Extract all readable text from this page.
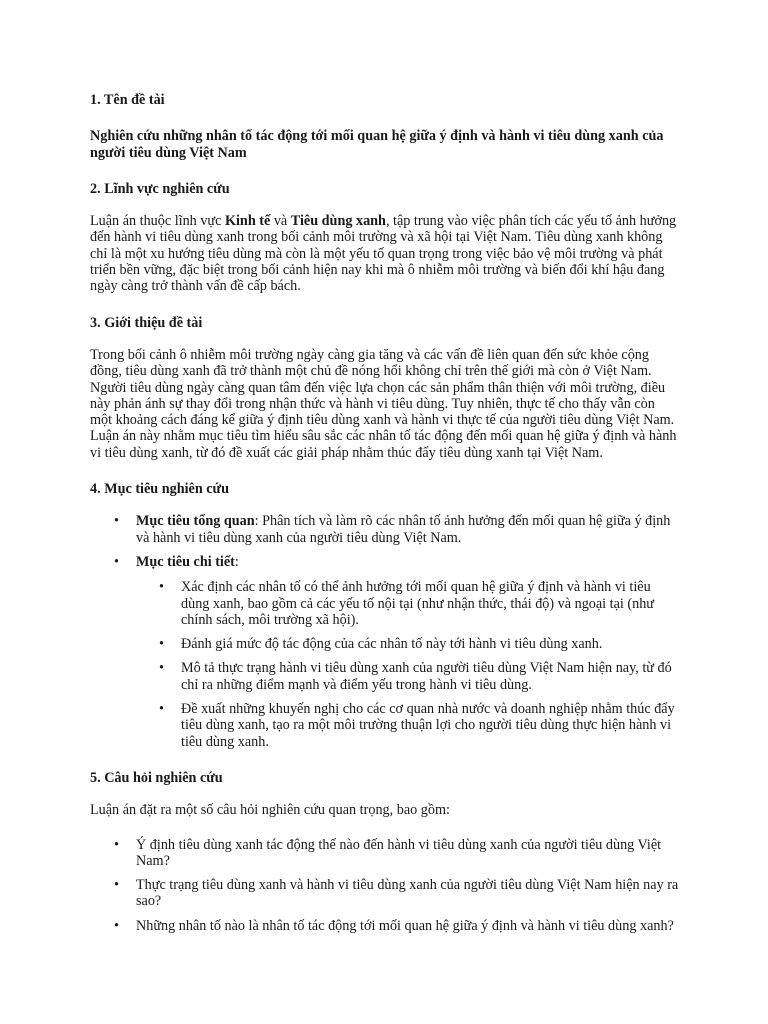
1. Tên đề tài

Nghiên cứu những nhân tố tác động tới mối quan hệ giữa ý định và hành vi tiêu dùng xanh của người tiêu dùng Việt Nam

2. Lĩnh vực nghiên cứu

Luận án thuộc lĩnh vực Kinh tế và Tiêu dùng xanh, tập trung vào việc phân tích các yếu tố ảnh hưởng đến hành vi tiêu dùng xanh trong bối cảnh môi trường và xã hội tại Việt Nam. Tiêu dùng xanh không chỉ là một xu hướng tiêu dùng mà còn là một yếu tố quan trọng trong việc bảo vệ môi trường và phát triển bền vững, đặc biệt trong bối cảnh hiện nay khi mà ô nhiễm môi trường và biến đổi khí hậu đang ngày càng trở thành vấn đề cấp bách.

3. Giới thiệu đề tài

Trong bối cảnh ô nhiễm môi trường ngày càng gia tăng và các vấn đề liên quan đến sức khỏe cộng đồng, tiêu dùng xanh đã trở thành một chủ đề nóng hổi không chỉ trên thế giới mà còn ở Việt Nam. Người tiêu dùng ngày càng quan tâm đến việc lựa chọn các sản phẩm thân thiện với môi trường, điều này phản ánh sự thay đổi trong nhận thức và hành vi tiêu dùng. Tuy nhiên, thực tế cho thấy vẫn còn một khoảng cách đáng kể giữa ý định tiêu dùng xanh và hành vi thực tế của người tiêu dùng Việt Nam. Luận án này nhằm mục tiêu tìm hiểu sâu sắc các nhân tố tác động đến mối quan hệ giữa ý định và hành vi tiêu dùng xanh, từ đó đề xuất các giải pháp nhằm thúc đẩy tiêu dùng xanh tại Việt Nam.

4. Mục tiêu nghiên cứu
• Mục tiêu tổng quan: Phân tích và làm rõ các nhân tố ảnh hưởng đến mối quan hệ giữa ý định và hành vi tiêu dùng xanh của người tiêu dùng Việt Nam.
• Mục tiêu chi tiết:
• Xác định các nhân tố có thể ảnh hưởng tới mối quan hệ giữa ý định và hành vi tiêu dùng xanh, bao gồm cả các yếu tố nội tại (như nhận thức, thái độ) và ngoại tại (như chính sách, môi trường xã hội).
• Đánh giá mức độ tác động của các nhân tố này tới hành vi tiêu dùng xanh.
• Mô tả thực trạng hành vi tiêu dùng xanh của người tiêu dùng Việt Nam hiện nay, từ đó chỉ ra những điểm mạnh và điểm yếu trong hành vi tiêu dùng.
• Đề xuất những khuyến nghị cho các cơ quan nhà nước và doanh nghiệp nhằm thúc đẩy tiêu dùng xanh, tạo ra một môi trường thuận lợi cho người tiêu dùng thực hiện hành vi tiêu dùng xanh.
5. Câu hỏi nghiên cứu

Luận án đặt ra một số câu hỏi nghiên cứu quan trọng, bao gồm:

• Ý định tiêu dùng xanh tác động thế nào đến hành vi tiêu dùng xanh của người tiêu dùng Việt Nam?
• Thực trạng tiêu dùng xanh và hành vi tiêu dùng xanh của người tiêu dùng Việt Nam hiện nay ra sao?
• Những nhân tố nào là nhân tố tác động tới mối quan hệ giữa ý định và hành vi tiêu dùng xanh?
